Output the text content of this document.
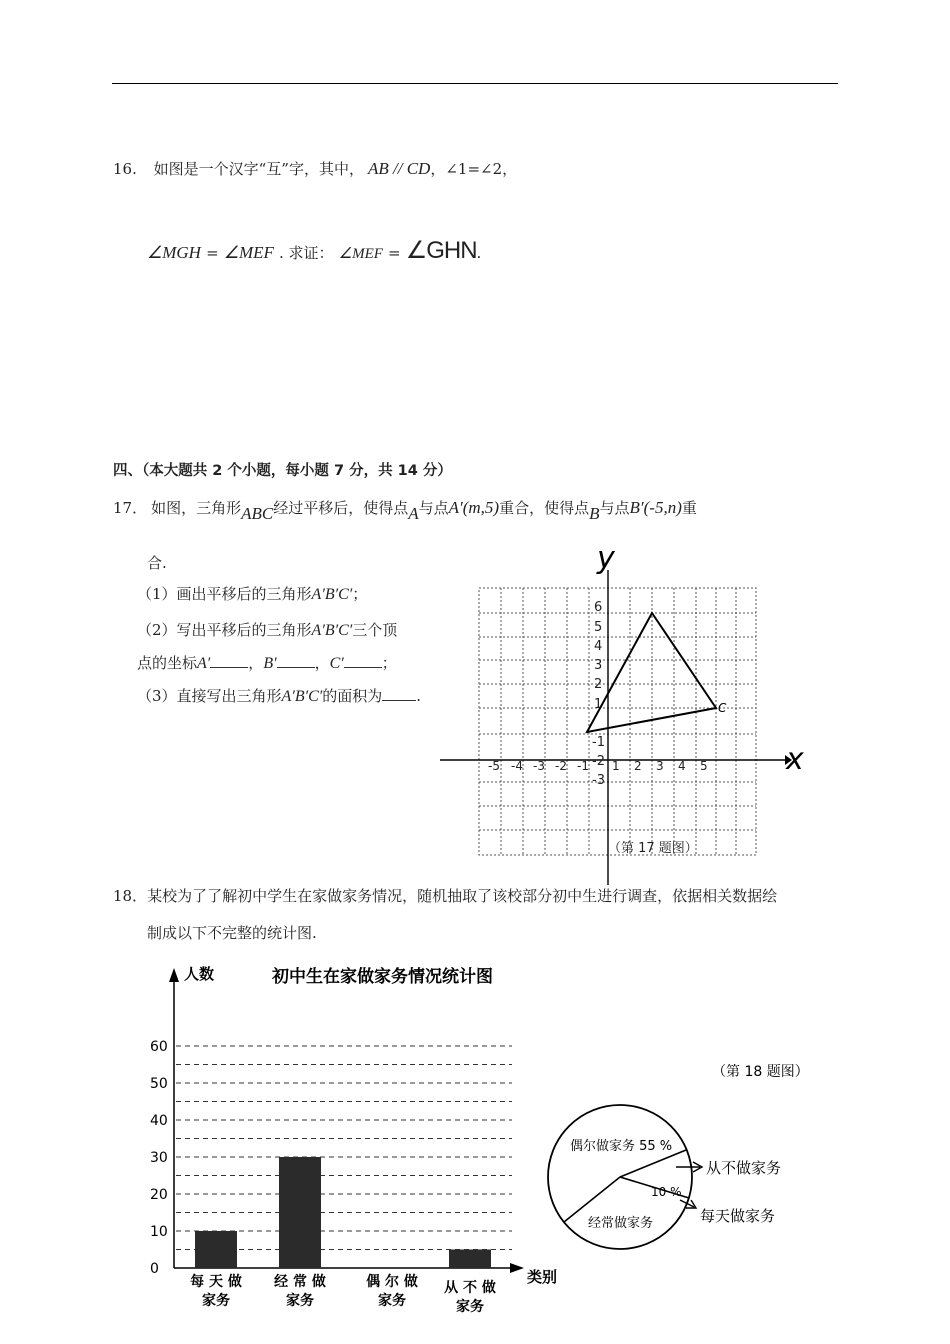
16. 如图是一个汉字“互”字，其中， AB // CD，∠1=∠2，
∠MGH = ∠MEF . 求证： ∠MEF = ∠GHN.
四、（本大题共 2 个小题，每小题 7 分，共 14 分）
17． 如图，三角形ABC经过平移后，使得点A与点A′(m,5)重合，使得点B与点B′(-5,n)重
合.
（1）画出平移后的三角形A′B′C′；
（2）写出平移后的三角形A′B′C′三个顶
点的坐标A′	，B′	，C′	；
（3）直接写出三角形A′B′C′的面积为 .
y
x
6
5
4
3
2
1
-1
-2
-3
-5 -4 -3 -2 -1 1 2 3 4 5
C
（第 17 题图）
18．某校为了了解初中学生在家做家务情况，随机抽取了该校部分初中生进行调查，依据相关数据绘
制成以下不完整的统计图.
人数	初中生在家做家务情况统计图
类别
0
10
20
30
40
50
60
每 天 做
家务
经 常 做
家务
偶 尔 做
家务
从 不 做
家务
（第 18 题图）
偶尔做家务 55 %
经常做家务
10 %
从不做家务
每天做家务
